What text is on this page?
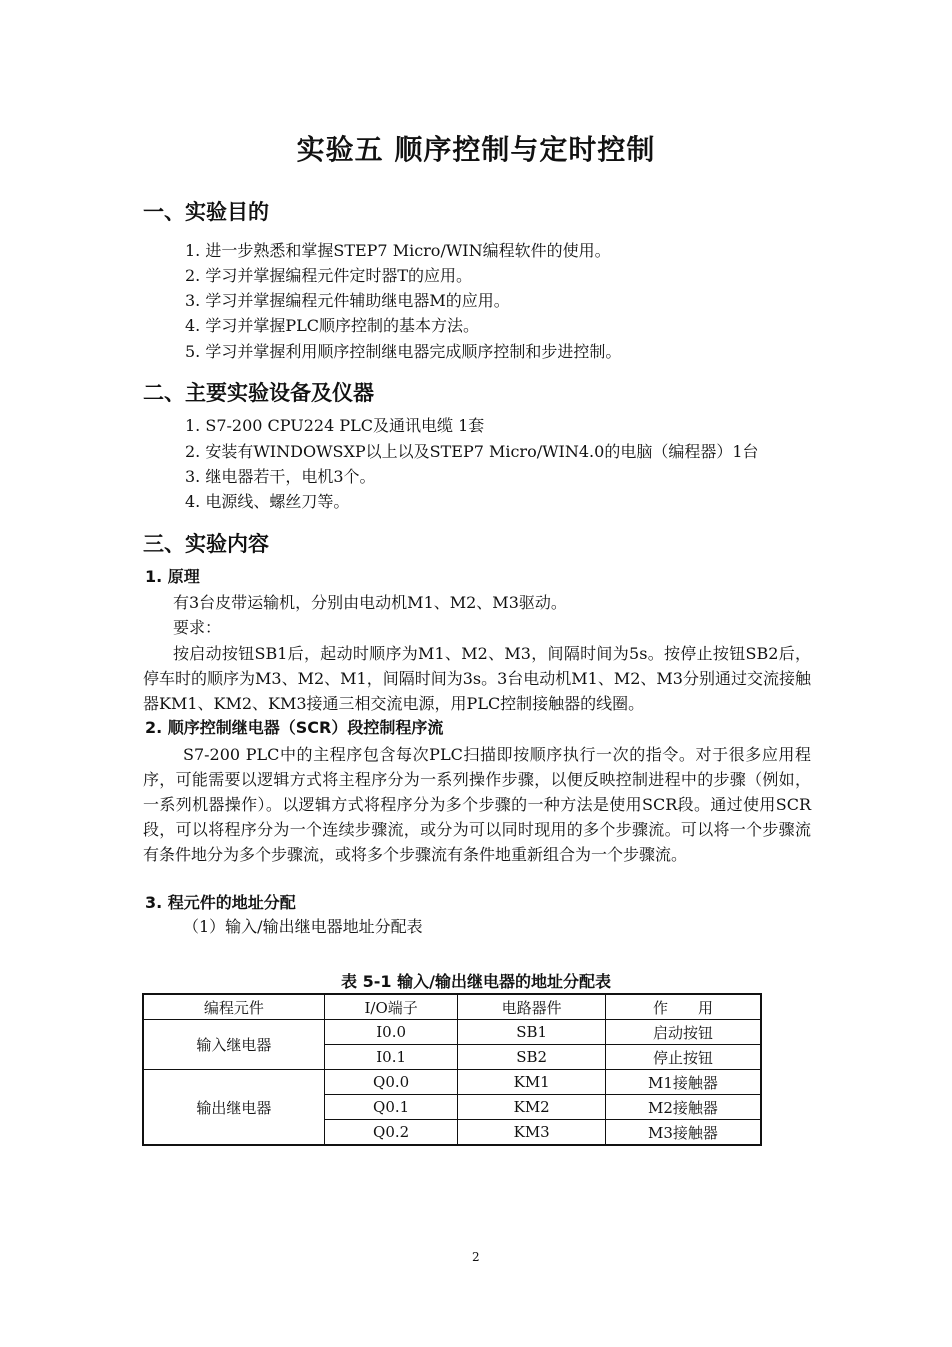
实验五 顺序控制与定时控制
一、实验目的
1. 进一步熟悉和掌握STEP7 Micro/WIN编程软件的使用。
2. 学习并掌握编程元件定时器T的应用。
3. 学习并掌握编程元件辅助继电器M的应用。
4. 学习并掌握PLC顺序控制的基本方法。
5. 学习并掌握利用顺序控制继电器完成顺序控制和步进控制。
二、主要实验设备及仪器
1. S7-200 CPU224 PLC及通讯电缆 1套
2. 安装有WINDOWSXP以上以及STEP7 Micro/WIN4.0的电脑（编程器）1台
3. 继电器若干，电机3个。
4. 电源线、螺丝刀等。
三、实验内容
1. 原理
有3台皮带运输机，分别由电动机M1、M2、M3驱动。
要求：
按启动按钮SB1后，起动时顺序为M1、M2、M3，间隔时间为5s。按停止按钮SB2后，停车时的顺序为M3、M2、M1，间隔时间为3s。3台电动机M1、M2、M3分别通过交流接触器KM1、KM2、KM3接通三相交流电源，用PLC控制接触器的线圈。
2. 顺序控制继电器（SCR）段控制程序流
S7-200 PLC中的主程序包含每次PLC扫描即按顺序执行一次的指令。对于很多应用程序，可能需要以逻辑方式将主程序分为一系列操作步骤，以便反映控制进程中的步骤（例如，一系列机器操作）。以逻辑方式将程序分为多个步骤的一种方法是使用SCR段。通过使用SCR段，可以将程序分为一个连续步骤流，或分为可以同时现用的多个步骤流。可以将一个步骤流有条件地分为多个步骤流，或将多个步骤流有条件地重新组合为一个步骤流。
3. 程元件的地址分配
（1）输入/输出继电器地址分配表
表 5-1 输入/输出继电器的地址分配表
编程元件	I/O端子	电路器件	作　　用
输入继电器	I0.0	SB1	启动按钮
	I0.1	SB2	停止按钮
输出继电器	Q0.0	KM1	M1接触器
	Q0.1	KM2	M2接触器
	Q0.2	KM3	M3接触器
2
